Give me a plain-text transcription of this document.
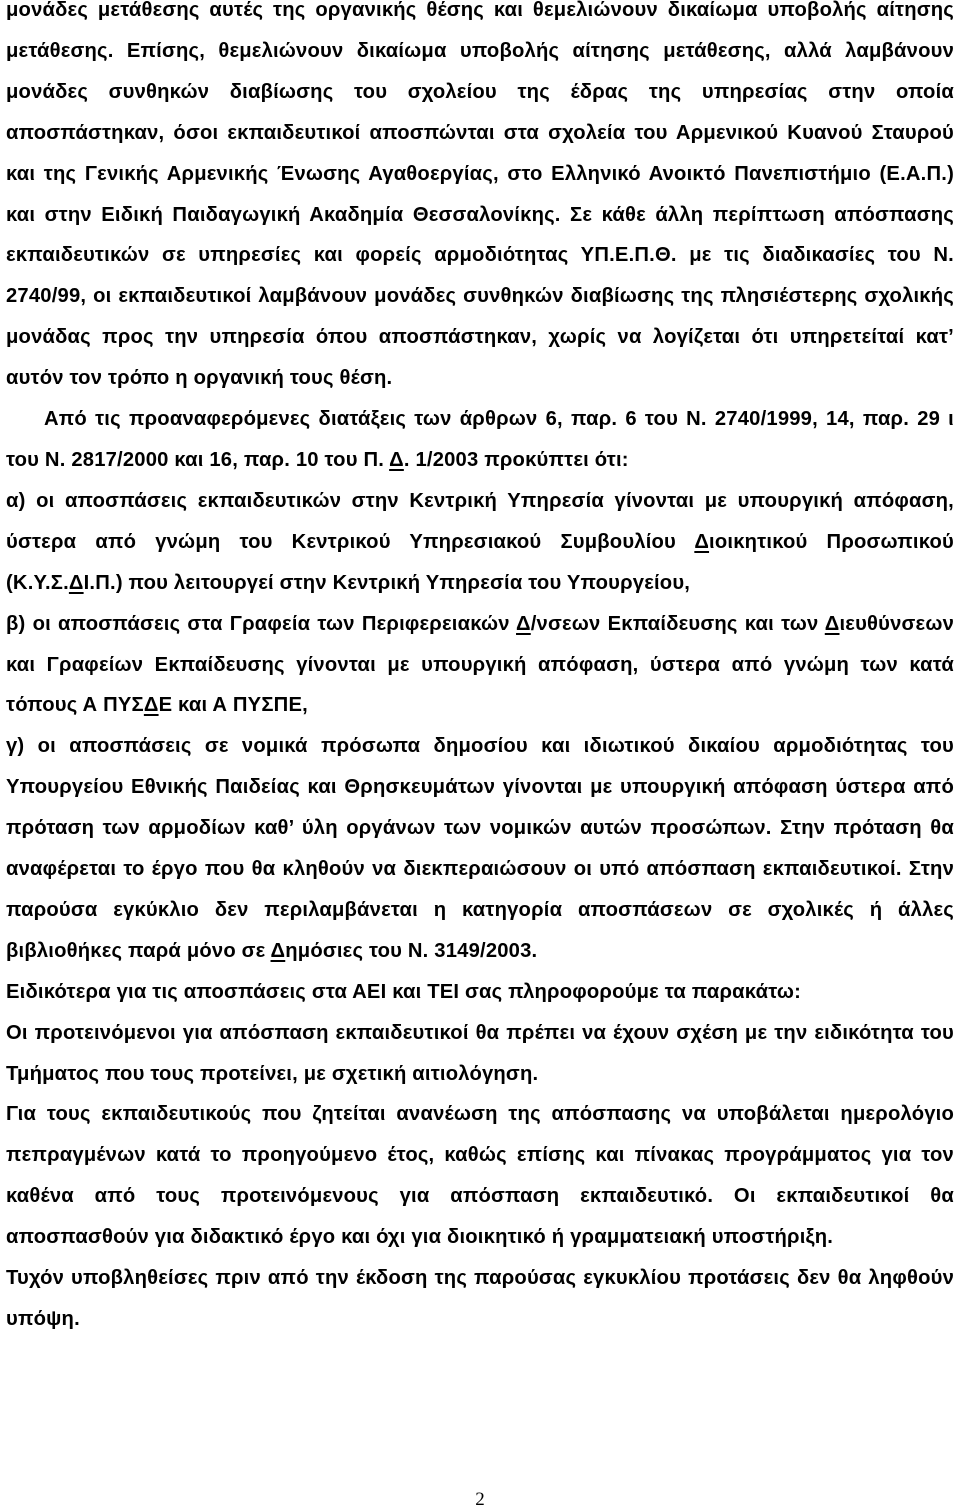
μονάδες μετάθεσης αυτές της οργανικής θέσης και θεμελιώνουν δικαίωμα υποβολής αίτησης μετάθεσης. Επίσης, θεμελιώνουν δικαίωμα υποβολής αίτησης μετάθεσης, αλλά λαμβάνουν μονάδες συνθηκών διαβίωσης του σχολείου της έδρας της υπηρεσίας στην οποία αποσπάστηκαν, όσοι εκπαιδευτικοί αποσπώνται στα σχολεία του Αρμενικού Κυανού Σταυρού και της Γενικής Αρμενικής Ένωσης Αγαθοεργίας, στο Ελληνικό Ανοικτό Πανεπιστήμιο (Ε.Α.Π.) και στην Ειδική Παιδαγωγική Ακαδημία Θεσσαλονίκης. Σε κάθε άλλη περίπτωση απόσπασης εκπαιδευτικών σε υπηρεσίες και φορείς αρμοδιότητας ΥΠ.Ε.Π.Θ. με τις διαδικασίες του Ν. 2740/99, οι εκπαιδευτικοί λαμβάνουν μονάδες συνθηκών διαβίωσης της πλησιέστερης σχολικής μονάδας προς την υπηρεσία όπου αποσπάστηκαν, χωρίς να λογίζεται ότι υπηρετείταί κατ’ αυτόν τον τρόπο η οργανική τους θέση.

Από τις προαναφερόμενες διατάξεις των άρθρων 6, παρ. 6 του Ν. 2740/1999, 14, παρ. 29 ι του Ν. 2817/2000 και 16, παρ. 10 του Π. Δ. 1/2003 προκύπτει ότι:

α) οι αποσπάσεις εκπαιδευτικών στην Κεντρική Υπηρεσία γίνονται με υπουργική απόφαση, ύστερα από γνώμη του Κεντρικού Υπηρεσιακού Συμβουλίου Διοικητικού Προσωπικού (Κ.Υ.Σ.ΔΙ.Π.) που λειτουργεί στην Κεντρική Υπηρεσία του Υπουργείου,

β) οι αποσπάσεις στα Γραφεία των Περιφερειακών Δ/νσεων Εκπαίδευσης και των Διευθύνσεων και Γραφείων Εκπαίδευσης γίνονται με υπουργική απόφαση, ύστερα από γνώμη των κατά τόπους Α ΠΥΣΔΕ και Α ΠΥΣΠΕ,

γ) οι αποσπάσεις σε νομικά πρόσωπα δημοσίου και ιδιωτικού δικαίου αρμοδιότητας του Υπουργείου Εθνικής Παιδείας και Θρησκευμάτων γίνονται με υπουργική απόφαση ύστερα από πρόταση των αρμοδίων καθ’ ύλη οργάνων των νομικών αυτών προσώπων. Στην πρόταση θα αναφέρεται το έργο που θα κληθούν να διεκπεραιώσουν οι υπό απόσπαση εκπαιδευτικοί. Στην παρούσα εγκύκλιο δεν περιλαμβάνεται η κατηγορία αποσπάσεων σε σχολικές ή άλλες βιβλιοθήκες παρά μόνο σε Δημόσιες του Ν. 3149/2003.

Ειδικότερα για τις αποσπάσεις στα ΑΕΙ και ΤΕΙ σας πληροφορούμε τα παρακάτω:

Οι προτεινόμενοι για απόσπαση εκπαιδευτικοί θα πρέπει να έχουν σχέση με την ειδικότητα του Τμήματος που τους προτείνει, με σχετική αιτιολόγηση.

Για τους εκπαιδευτικούς που ζητείται ανανέωση της απόσπασης να υποβάλεται ημερολόγιο πεπραγμένων κατά το προηγούμενο έτος, καθώς επίσης και πίνακας προγράμματος για τον καθένα από τους προτεινόμενους για απόσπαση εκπαιδευτικό. Οι εκπαιδευτικοί θα αποσπασθούν για διδακτικό έργο και όχι για διοικητικό ή γραμματειακή υποστήριξη.

Τυχόν υποβληθείσες πριν από την έκδοση της παρούσας εγκυκλίου προτάσεις δεν θα ληφθούν υπόψη.

2
